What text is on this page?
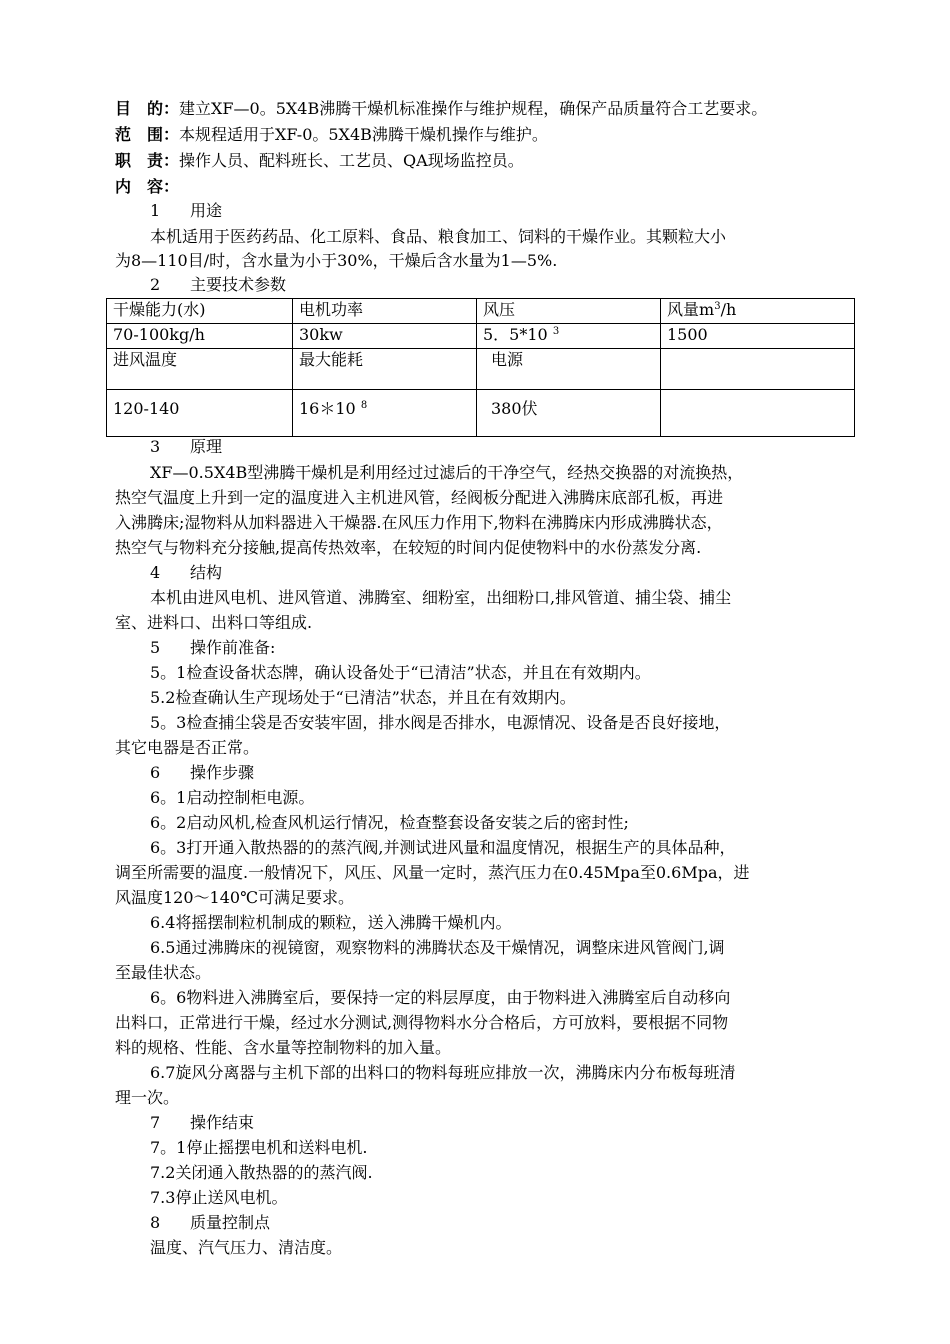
目　的：建立XF—0。5X4B沸腾干燥机标准操作与维护规程，确保产品质量符合工艺要求。
范　围：本规程适用于XF-0。5X4B沸腾干燥机操作与维护。
职　责：操作人员、配料班长、工艺员、QA现场监控员。
内　容：
1 用途
本机适用于医药药品、化工原料、食品、粮食加工、饲料的干燥作业。其颗粒大小
为8—110目/时，含水量为小于30%，干燥后含水量为1—5%.
2 主要技术参数
干燥能力(水)	电机功率	风压	风量$m^3/h$
70-100kg/h	30kw	5．5*10 $^3$	1500
进风温度	最大能耗	电源	
120-140	16＊10 $^8$	380伏	
3 原理
XF—0.5X4B型沸腾干燥机是利用经过过滤后的干净空气，经热交换器的对流换热，
热空气温度上升到一定的温度进入主机进风管，经阀板分配进入沸腾床底部孔板，再进
入沸腾床;湿物料从加料器进入干燥器.在风压力作用下,物料在沸腾床内形成沸腾状态，
热空气与物料充分接触,提高传热效率，在较短的时间内促使物料中的水份蒸发分离.
4 结构
本机由进风电机、进风管道、沸腾室、细粉室，出细粉口,排风管道、捕尘袋、捕尘
室、进料口、出料口等组成.
5 操作前准备:
5。1检查设备状态牌，确认设备处于“已清洁”状态，并且在有效期内。
5.2检查确认生产现场处于“已清洁”状态，并且在有效期内。
5。3检查捕尘袋是否安装牢固，排水阀是否排水，电源情况、设备是否良好接地，
其它电器是否正常。
6 操作步骤
6。1启动控制柜电源。
6。2启动风机,检查风机运行情况，检查整套设备安装之后的密封性;
6。3打开通入散热器的的蒸汽阀,并测试进风量和温度情况，根据生产的具体品种，
调至所需要的温度.一般情况下，风压、风量一定时，蒸汽压力在0.45Mpa至0.6Mpa，进
风温度120～140℃可满足要求。
6.4将摇摆制粒机制成的颗粒，送入沸腾干燥机内。
6.5通过沸腾床的视镜窗，观察物料的沸腾状态及干燥情况，调整床进风管阀门,调
至最佳状态。
6。6物料进入沸腾室后，要保持一定的料层厚度，由于物料进入沸腾室后自动移向
出料口，正常进行干燥，经过水分测试,测得物料水分合格后，方可放料，要根据不同物
料的规格、性能、含水量等控制物料的加入量。
6.7旋风分离器与主机下部的出料口的物料每班应排放一次，沸腾床内分布板每班清
理一次。
7 操作结束
7。1停止摇摆电机和送料电机.
7.2关闭通入散热器的的蒸汽阀.
7.3停止送风电机。
8 质量控制点
温度、汽气压力、清洁度。
